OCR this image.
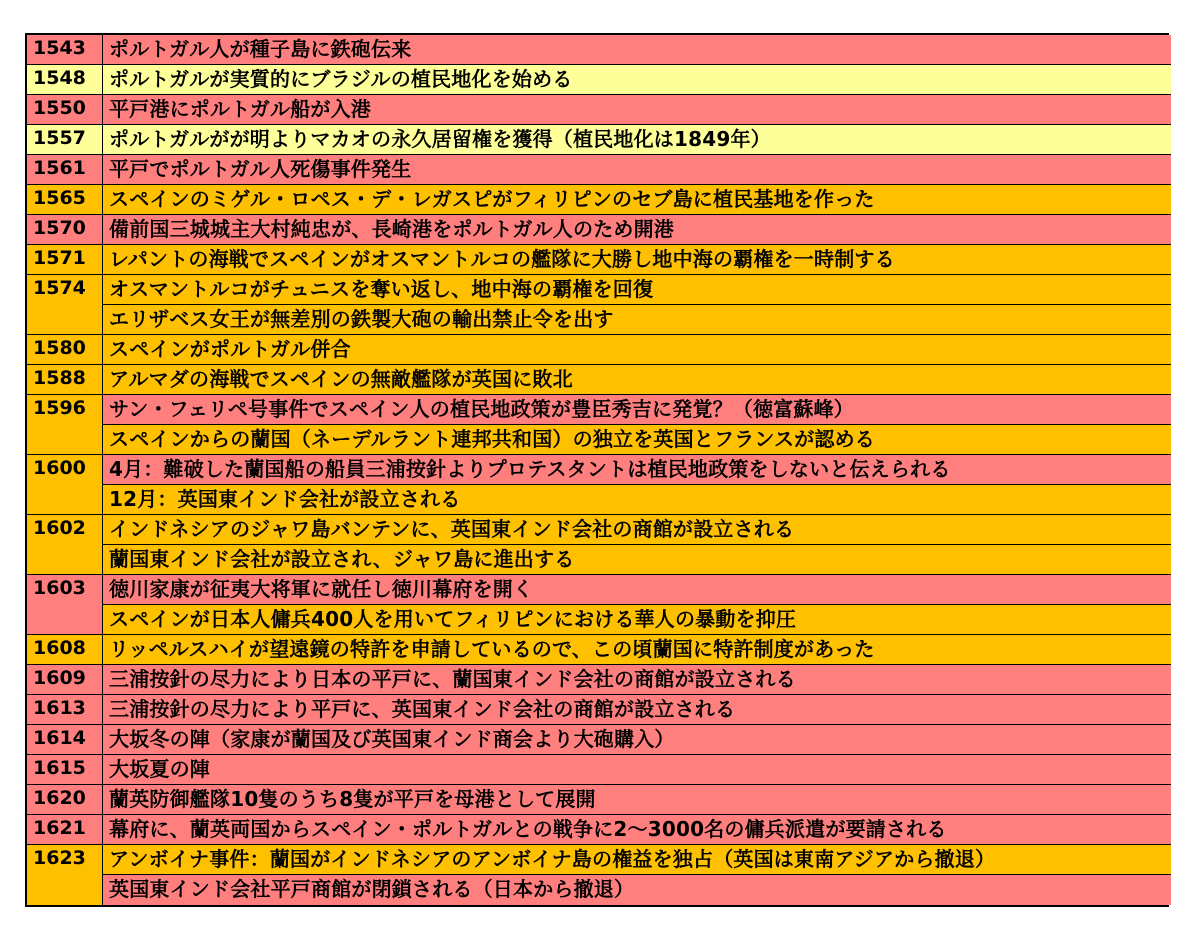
1543	ポルトガル人が種子島に鉄砲伝来
1548	ポルトガルが実質的にブラジルの植民地化を始める
1550	平戸港にポルトガル船が入港
1557	ポルトガルがが明よりマカオの永久居留権を獲得（植民地化は1849年）
1561	平戸でポルトガル人死傷事件発生
1565	スペインのミゲル・ロペス・デ・レガスピがフィリピンのセブ島に植民基地を作った
1570	備前国三城城主大村純忠が、長崎港をポルトガル人のため開港
1571	レパントの海戦でスペインがオスマントルコの艦隊に大勝し地中海の覇権を一時制する
1574	オスマントルコがチュニスを奪い返し、地中海の覇権を回復
エリザベス女王が無差別の鉄製大砲の輸出禁止令を出す
1580	スペインがポルトガル併合
1588	アルマダの海戦でスペインの無敵艦隊が英国に敗北
1596	サン・フェリペ号事件でスペイン人の植民地政策が豊臣秀吉に発覚？（徳富蘇峰）
スペインからの蘭国（ネーデルラント連邦共和国）の独立を英国とフランスが認める
1600	4月：難破した蘭国船の船員三浦按針よりプロテスタントは植民地政策をしないと伝えられる
12月：英国東インド会社が設立される
1602	インドネシアのジャワ島バンテンに、英国東インド会社の商館が設立される
蘭国東インド会社が設立され、ジャワ島に進出する
1603	徳川家康が征夷大将軍に就任し徳川幕府を開く
スペインが日本人傭兵400人を用いてフィリピンにおける華人の暴動を抑圧
1608	リッペルスハイが望遠鏡の特許を申請しているので、この頃蘭国に特許制度があった
1609	三浦按針の尽力により日本の平戸に、蘭国東インド会社の商館が設立される
1613	三浦按針の尽力により平戸に、英国東インド会社の商館が設立される
1614	大坂冬の陣（家康が蘭国及び英国東インド商会より大砲購入）
1615	大坂夏の陣
1620	蘭英防御艦隊10隻のうち8隻が平戸を母港として展開
1621	幕府に、蘭英両国からスペイン・ポルトガルとの戦争に2～3000名の傭兵派遣が要請される
1623	アンボイナ事件：蘭国がインドネシアのアンボイナ島の権益を独占（英国は東南アジアから撤退）
英国東インド会社平戸商館が閉鎖される（日本から撤退）
